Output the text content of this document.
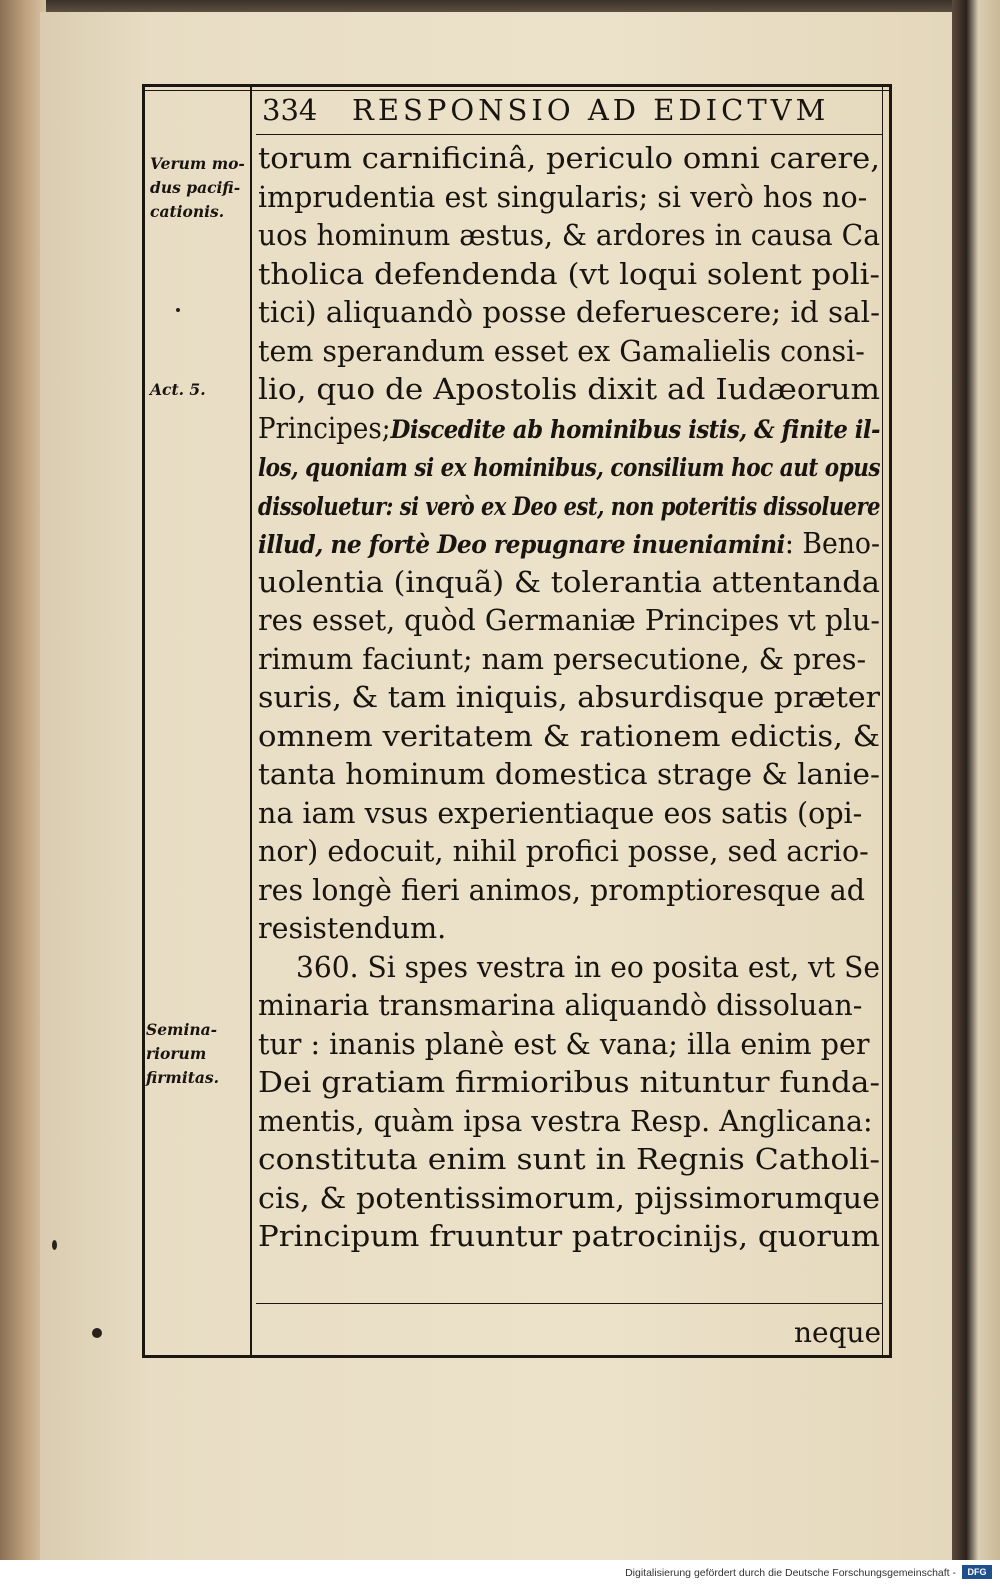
334 RESPONSIO AD EDICTVM
Verum mo-
dus pacifi-
cationis.
Act. 5.
Semina-
riorum
firmitas.
torum carnificinâ, periculo omni carere,
imprudentia est singularis; si verò hos no-
uos hominum æstus, & ardores in causa Ca
tholica defendenda (vt loqui solent poli-
tici) aliquandò posse deferuescere; id sal-
tem sperandum esset ex Gamalielis consi-
lio, quo de Apostolis dixit ad Iudæorum
Principes;Discedite ab hominibus istis, & finite il-
los, quoniam si ex hominibus, consilium hoc aut opus
dissoluetur: si verò ex Deo est, non poteritis dissoluere
illud, ne fortè Deo repugnare inueniamini: Beno-
uolentia (inquã) & tolerantia attentanda
res esset, quòd Germaniæ Principes vt plu-
rimum faciunt; nam persecutione, & pres-
suris, & tam iniquis, absurdisque præter
omnem veritatem & rationem edictis, &
tanta hominum domestica strage & lanie-
na iam vsus experientiaque eos satis (opi-
nor) edocuit, nihil profici posse, sed acrio-
res longè fieri animos, promptioresque ad
resistendum.
360. Si spes vestra in eo posita est, vt Se
minaria transmarina aliquandò dissoluan-
tur : inanis planè est & vana; illa enim per
Dei gratiam firmioribus nituntur funda-
mentis, quàm ipsa vestra Resp. Anglicana:
constituta enim sunt in Regnis Catholi-
cis, & potentissimorum, pijssimorumque
Principum fruuntur patrocinijs, quorum
neque
Digitalisierung gefördert durch die Deutsche Forschungsgemeinschaft -	DFG
